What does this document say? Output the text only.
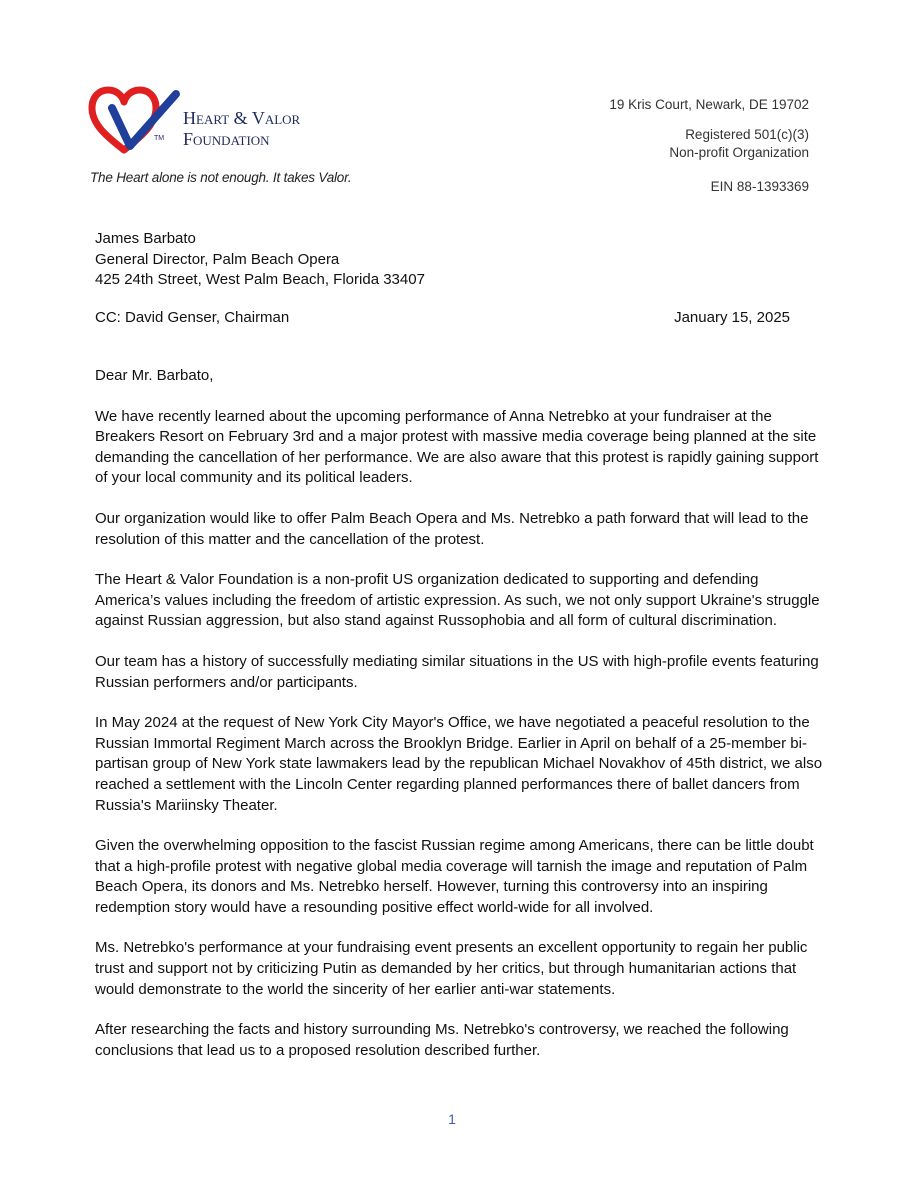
TM
Heart & Valor
Foundation
The Heart alone is not enough. It takes Valor.
19 Kris Court, Newark, DE 19702
Registered 501(c)(3)
Non-profit Organization
EIN 88-1393369
James Barbato
General Director, Palm Beach Opera
425 24th Street, West Palm Beach, Florida 33407
CC: David Genser, Chairman	January 15, 2025

Dear Mr. Barbato,

We have recently learned about the upcoming performance of Anna Netrebko at your fundraiser at the Breakers Resort on February 3rd and a major protest with massive media coverage being planned at the site demanding the cancellation of her performance. We are also aware that this protest is rapidly gaining support of your local community and its political leaders.

Our organization would like to offer Palm Beach Opera and Ms. Netrebko a path forward that will lead to the resolution of this matter and the cancellation of the protest.

The Heart & Valor Foundation is a non-profit US organization dedicated to supporting and defending America’s values including the freedom of artistic expression. As such, we not only support Ukraine's struggle against Russian aggression, but also stand against Russophobia and all form of cultural discrimination.

Our team has a history of successfully mediating similar situations in the US with high-profile events featuring Russian performers and/or participants.

In May 2024 at the request of New York City Mayor's Office, we have negotiated a peaceful resolution to the Russian Immortal Regiment March across the Brooklyn Bridge. Earlier in April on behalf of a 25-member bi-partisan group of New York state lawmakers lead by the republican Michael Novakhov of 45th district, we also reached a settlement with the Lincoln Center regarding planned performances there of ballet dancers from Russia's Mariinsky Theater.

Given the overwhelming opposition to the fascist Russian regime among Americans, there can be little doubt that a high-profile protest with negative global media coverage will tarnish the image and reputation of Palm Beach Opera, its donors and Ms. Netrebko herself. However, turning this controversy into an inspiring redemption story would have a resounding positive effect world-wide for all involved.

Ms. Netrebko's performance at your fundraising event presents an excellent opportunity to regain her public trust and support not by criticizing Putin as demanded by her critics, but through humanitarian actions that would demonstrate to the world the sincerity of her earlier anti-war statements.

After researching the facts and history surrounding Ms. Netrebko's controversy, we reached the following conclusions that lead us to a proposed resolution described further.

1
